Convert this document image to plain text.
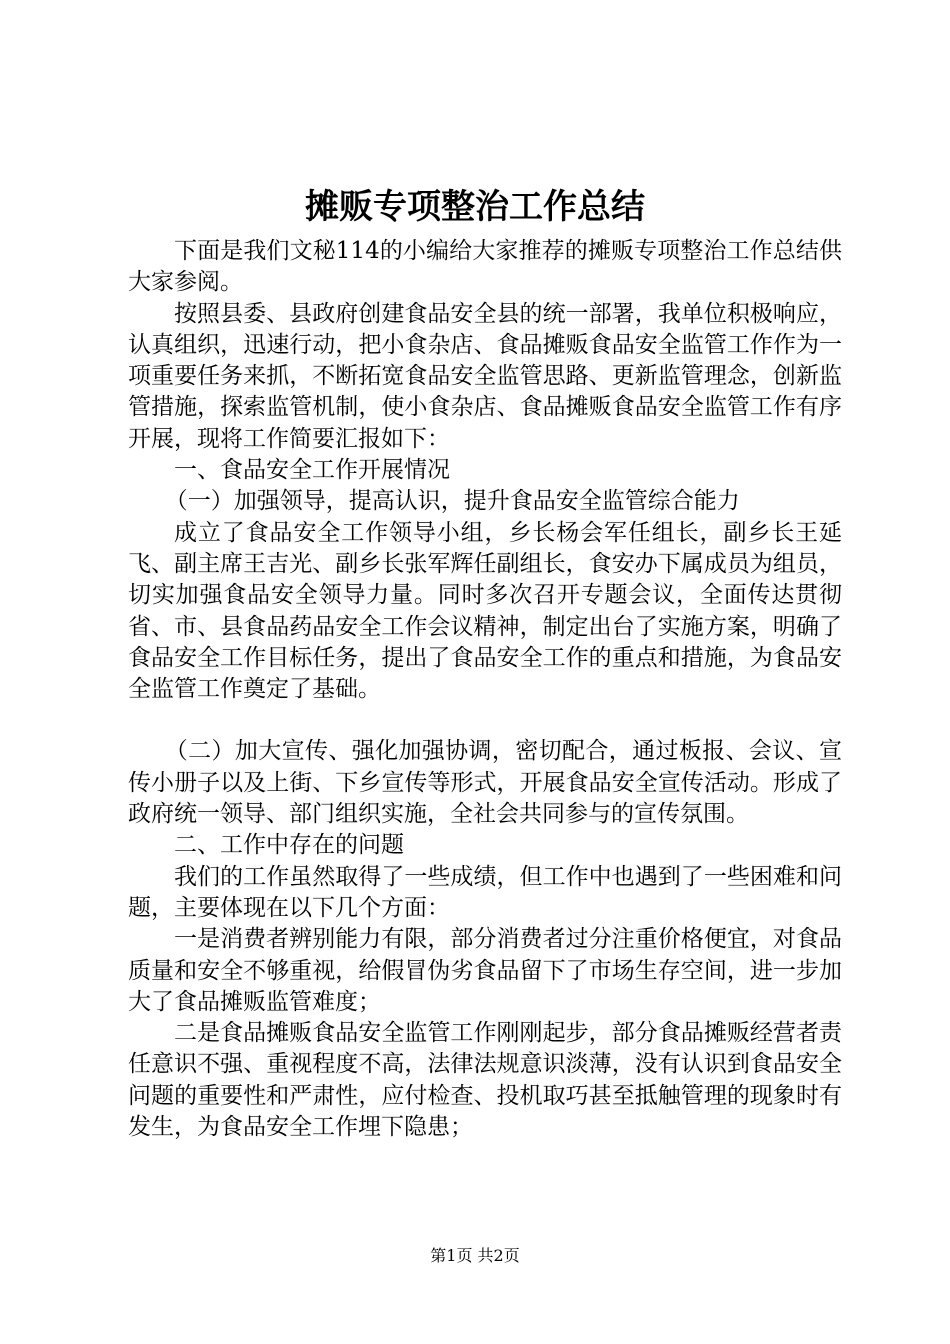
摊贩专项整治工作总结

下面是我们文秘114的小编给大家推荐的摊贩专项整治工作总结供大家参阅。

按照县委、县政府创建食品安全县的统一部署，我单位积极响应，认真组织，迅速行动，把小食杂店、食品摊贩食品安全监管工作作为一项重要任务来抓，不断拓宽食品安全监管思路、更新监管理念，创新监管措施，探索监管机制，使小食杂店、食品摊贩食品安全监管工作有序开展，现将工作简要汇报如下：

一、食品安全工作开展情况

（一）加强领导，提高认识，提升食品安全监管综合能力

成立了食品安全工作领导小组，乡长杨会军任组长，副乡长王延飞、副主席王吉光、副乡长张军辉任副组长，食安办下属成员为组员，切实加强食品安全领导力量。同时多次召开专题会议，全面传达贯彻省、市、县食品药品安全工作会议精神，制定出台了实施方案，明确了食品安全工作目标任务，提出了食品安全工作的重点和措施，为食品安全监管工作奠定了基础。

（二）加大宣传、强化加强协调，密切配合，通过板报、会议、宣传小册子以及上街、下乡宣传等形式，开展食品安全宣传活动。形成了政府统一领导、部门组织实施，全社会共同参与的宣传氛围。

二、工作中存在的问题

我们的工作虽然取得了一些成绩，但工作中也遇到了一些困难和问题，主要体现在以下几个方面：

一是消费者辨别能力有限，部分消费者过分注重价格便宜，对食品质量和安全不够重视，给假冒伪劣食品留下了市场生存空间，进一步加大了食品摊贩监管难度；

二是食品摊贩食品安全监管工作刚刚起步，部分食品摊贩经营者责任意识不强、重视程度不高，法律法规意识淡薄，没有认识到食品安全问题的重要性和严肃性，应付检查、投机取巧甚至抵触管理的现象时有发生，为食品安全工作埋下隐患；

第1页 共2页
